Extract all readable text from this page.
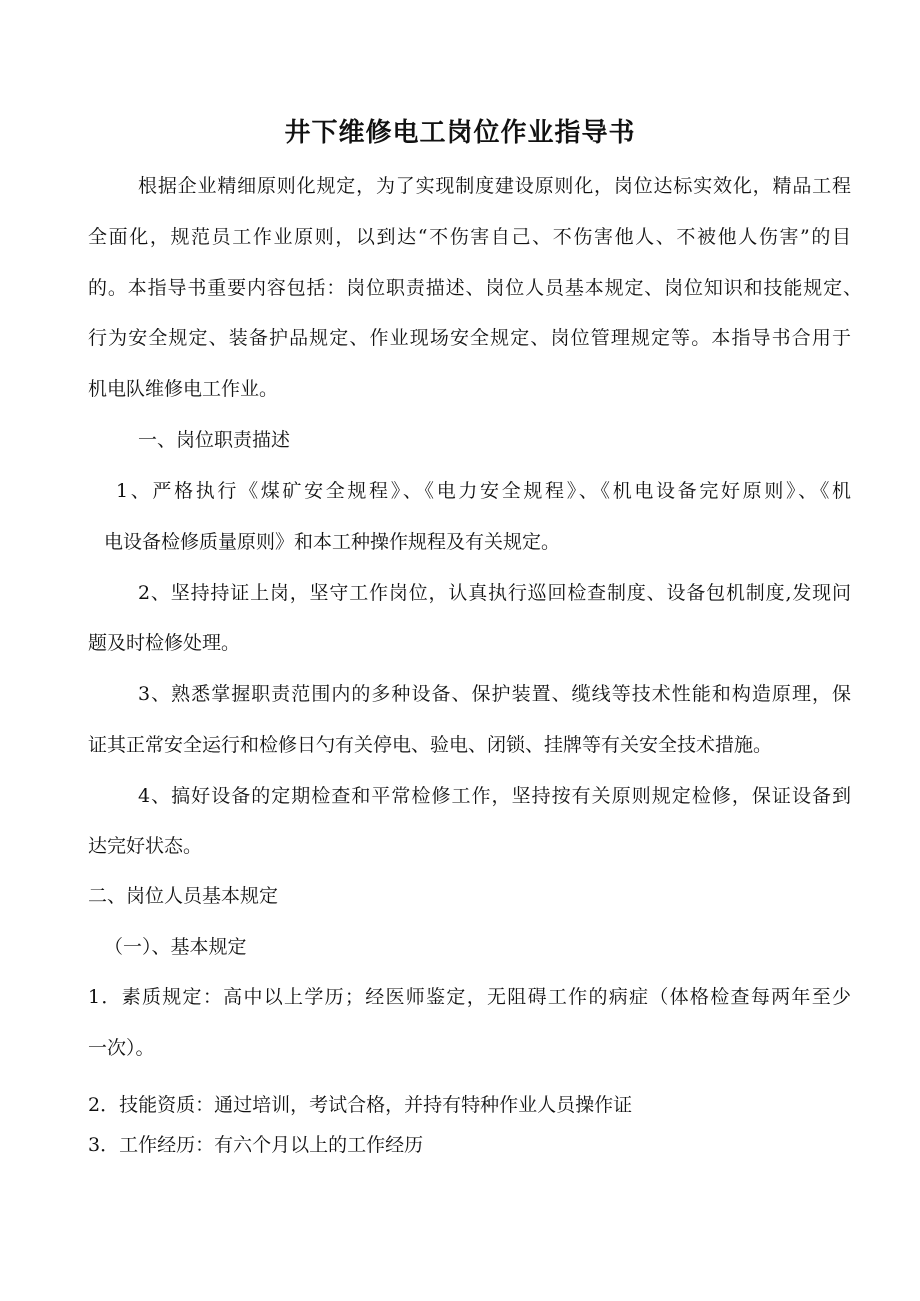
井下维修电工岗位作业指导书

根据企业精细原则化规定，为了实现制度建设原则化，岗位达标实效化，精品工程

全面化，规范员工作业原则，以到达“不伤害自己、不伤害他人、不被他人伤害”的目

的。本指导书重要内容包括：岗位职责描述、岗位人员基本规定、岗位知识和技能规定、

行为安全规定、装备护品规定、作业现场安全规定、岗位管理规定等。本指导书合用于

机电队维修电工作业。

一、岗位职责描述

1、严格执行《煤矿安全规程》、《电力安全规程》、《机电设备完好原则》、《机

电设备检修质量原则》和本工种操作规程及有关规定。

2、坚持持证上岗，坚守工作岗位，认真执行巡回检查制度、设备包机制度,发现问

题及时检修处理。

3、熟悉掌握职责范围内的多种设备、保护装置、缆线等技术性能和构造原理，保

证其正常安全运行和检修日勺有关停电、验电、闭锁、挂牌等有关安全技术措施。

4、搞好设备的定期检查和平常检修工作，坚持按有关原则规定检修，保证设备到

达完好状态。

二、岗位人员基本规定

（一）、基本规定

1．素质规定：高中以上学历；经医师鉴定，无阻碍工作的病症（体格检查每两年至少

一次）。

2．技能资质：通过培训，考试合格，并持有特种作业人员操作证

3．工作经历：有六个月以上的工作经历
